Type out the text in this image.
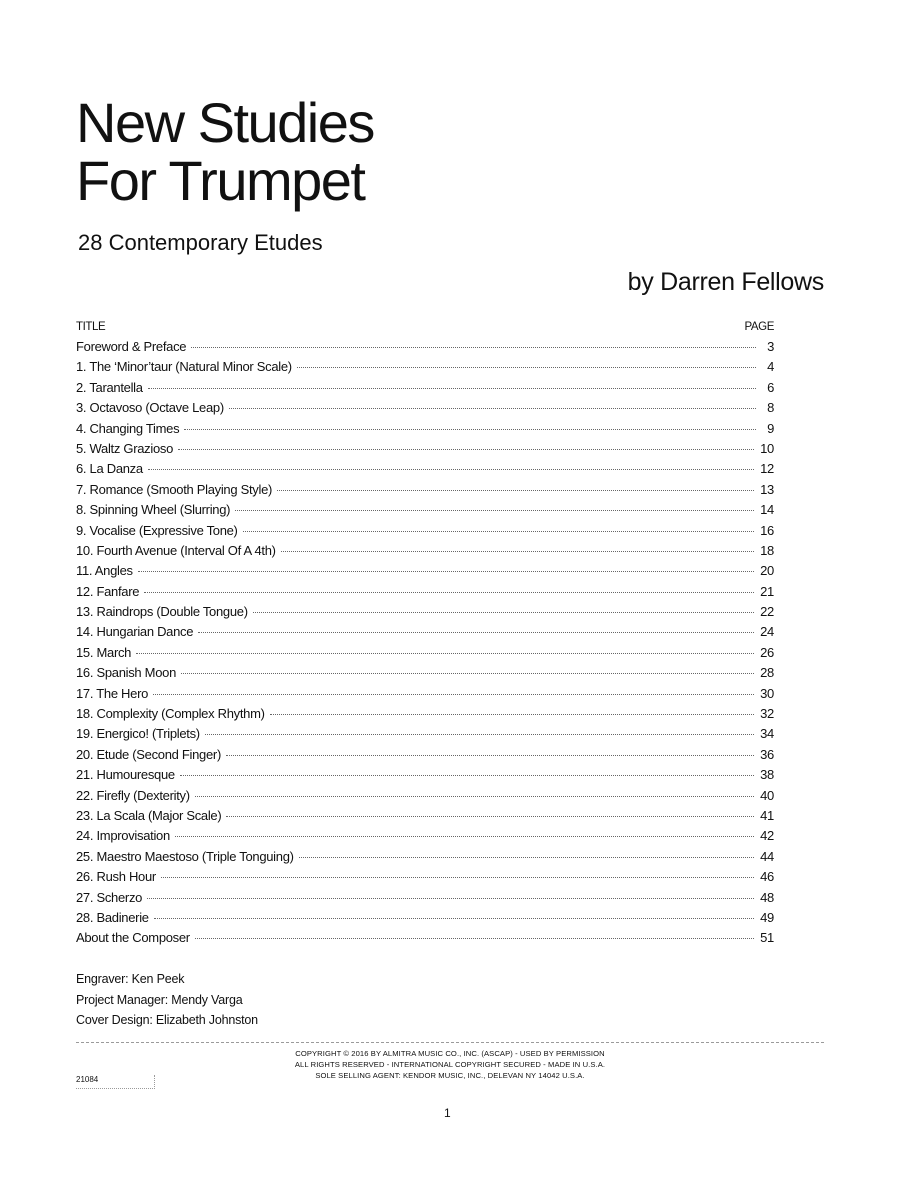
New Studies
For Trumpet
28 Contemporary Etudes
by Darren Fellows
TITLE	PAGE
Foreword & Preface	3
1. The ‘Minor’taur (Natural Minor Scale)	4
2. Tarantella	6
3. Octavoso (Octave Leap)	8
4. Changing Times	9
5. Waltz Grazioso	10
6. La Danza	12
7. Romance (Smooth Playing Style)	13
8. Spinning Wheel (Slurring)	14
9. Vocalise (Expressive Tone)	16
10. Fourth Avenue (Interval Of A 4th)	18
11. Angles	20
12. Fanfare	21
13. Raindrops (Double Tongue)	22
14. Hungarian Dance	24
15. March	26
16. Spanish Moon	28
17. The Hero	30
18. Complexity (Complex Rhythm)	32
19. Energico! (Triplets)	34
20. Etude (Second Finger)	36
21. Humouresque	38
22. Firefly (Dexterity)	40
23. La Scala (Major Scale)	41
24. Improvisation	42
25. Maestro Maestoso (Triple Tonguing)	44
26. Rush Hour	46
27. Scherzo	48
28. Badinerie	49
About the Composer	51
Engraver: Ken Peek
Project Manager: Mendy Varga
Cover Design: Elizabeth Johnston
COPYRIGHT © 2016 BY ALMITRA MUSIC CO., INC. (ASCAP) - USED BY PERMISSION
ALL RIGHTS RESERVED - INTERNATIONAL COPYRIGHT SECURED - MADE IN U.S.A.
SOLE SELLING AGENT: KENDOR MUSIC, INC., DELEVAN NY 14042 U.S.A.
21084
1
